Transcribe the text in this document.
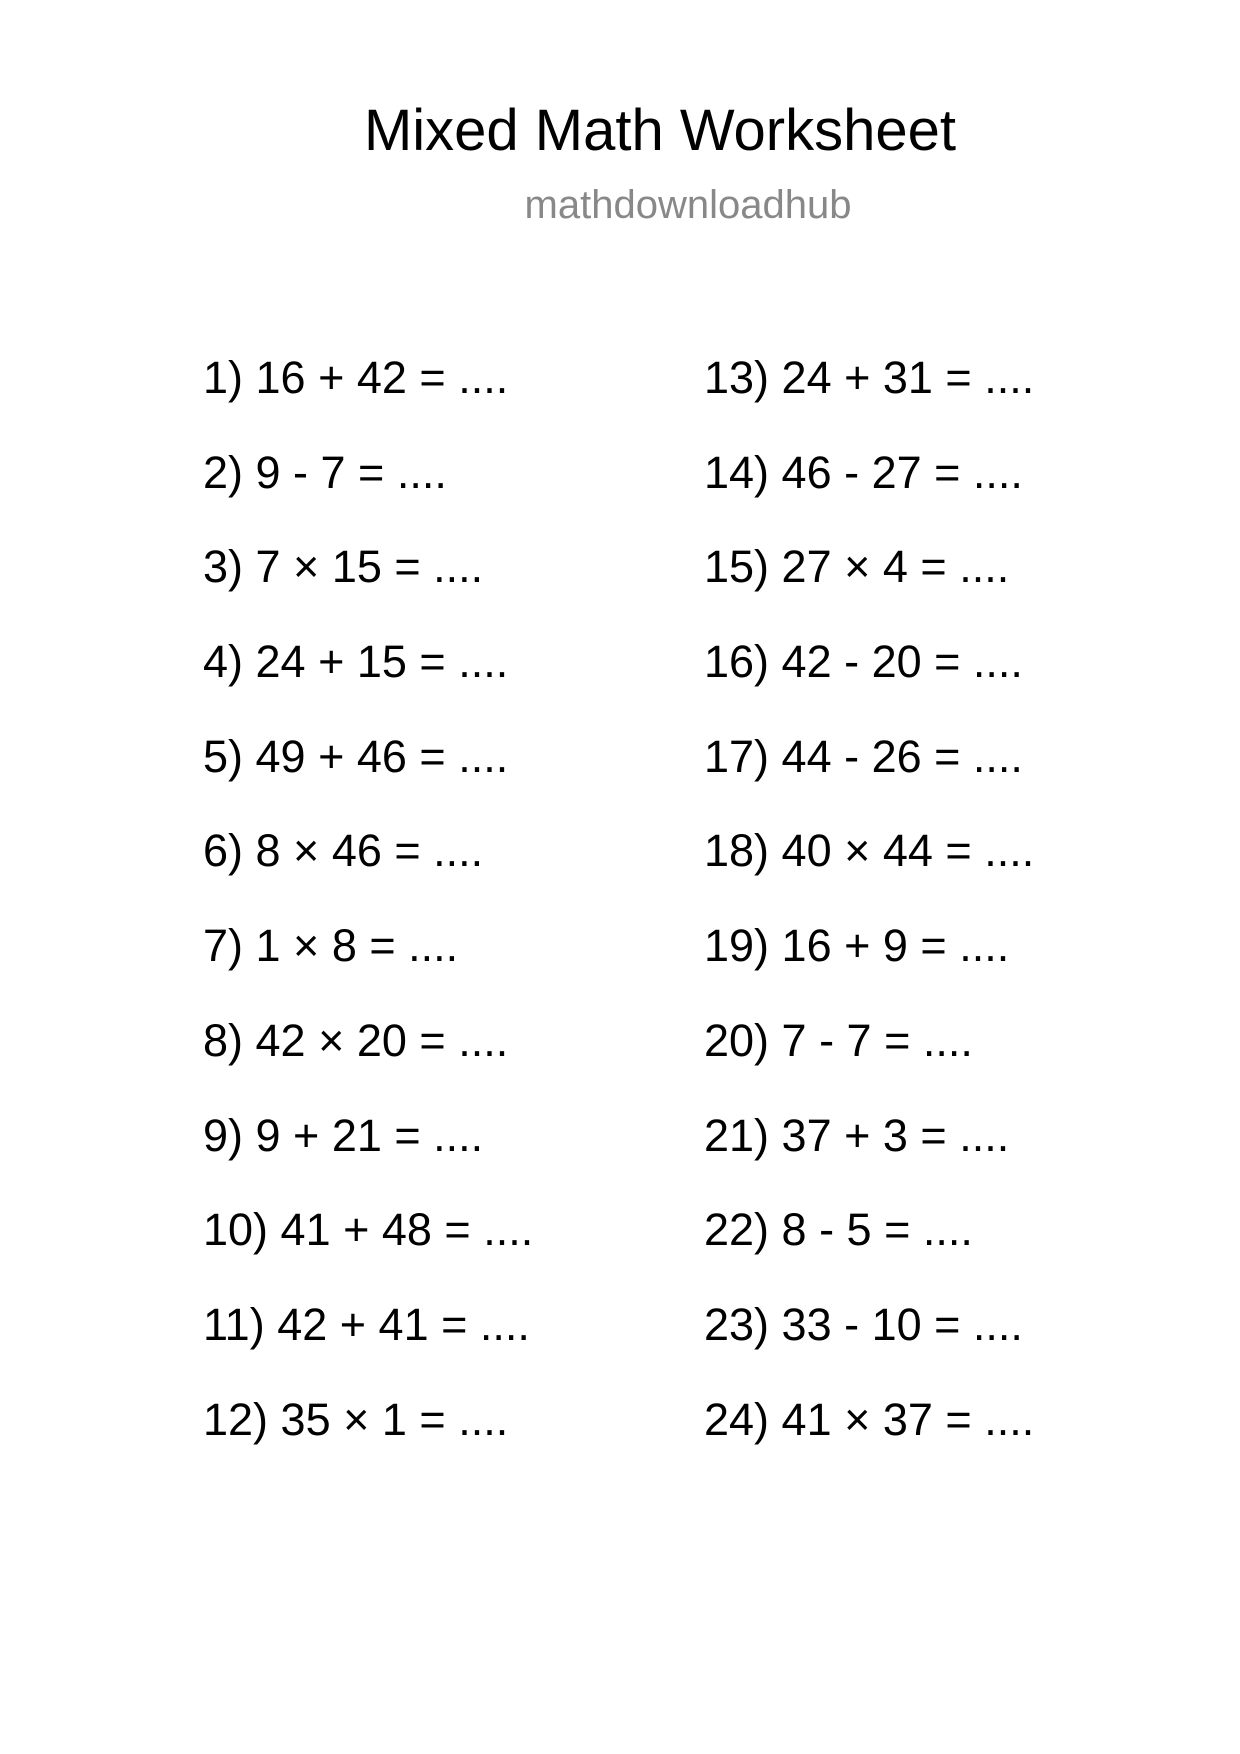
Mixed Math Worksheet
mathdownloadhub
1) 16 + 42 = ....
2) 9 - 7 = ....
3) 7 × 15 = ....
4) 24 + 15 = ....
5) 49 + 46 = ....
6) 8 × 46 = ....
7) 1 × 8 = ....
8) 42 × 20 = ....
9) 9 + 21 = ....
10) 41 + 48 = ....
11) 42 + 41 = ....
12) 35 × 1 = ....
13) 24 + 31 = ....
14) 46 - 27 = ....
15) 27 × 4 = ....
16) 42 - 20 = ....
17) 44 - 26 = ....
18) 40 × 44 = ....
19) 16 + 9 = ....
20) 7 - 7 = ....
21) 37 + 3 = ....
22) 8 - 5 = ....
23) 33 - 10 = ....
24) 41 × 37 = ....
